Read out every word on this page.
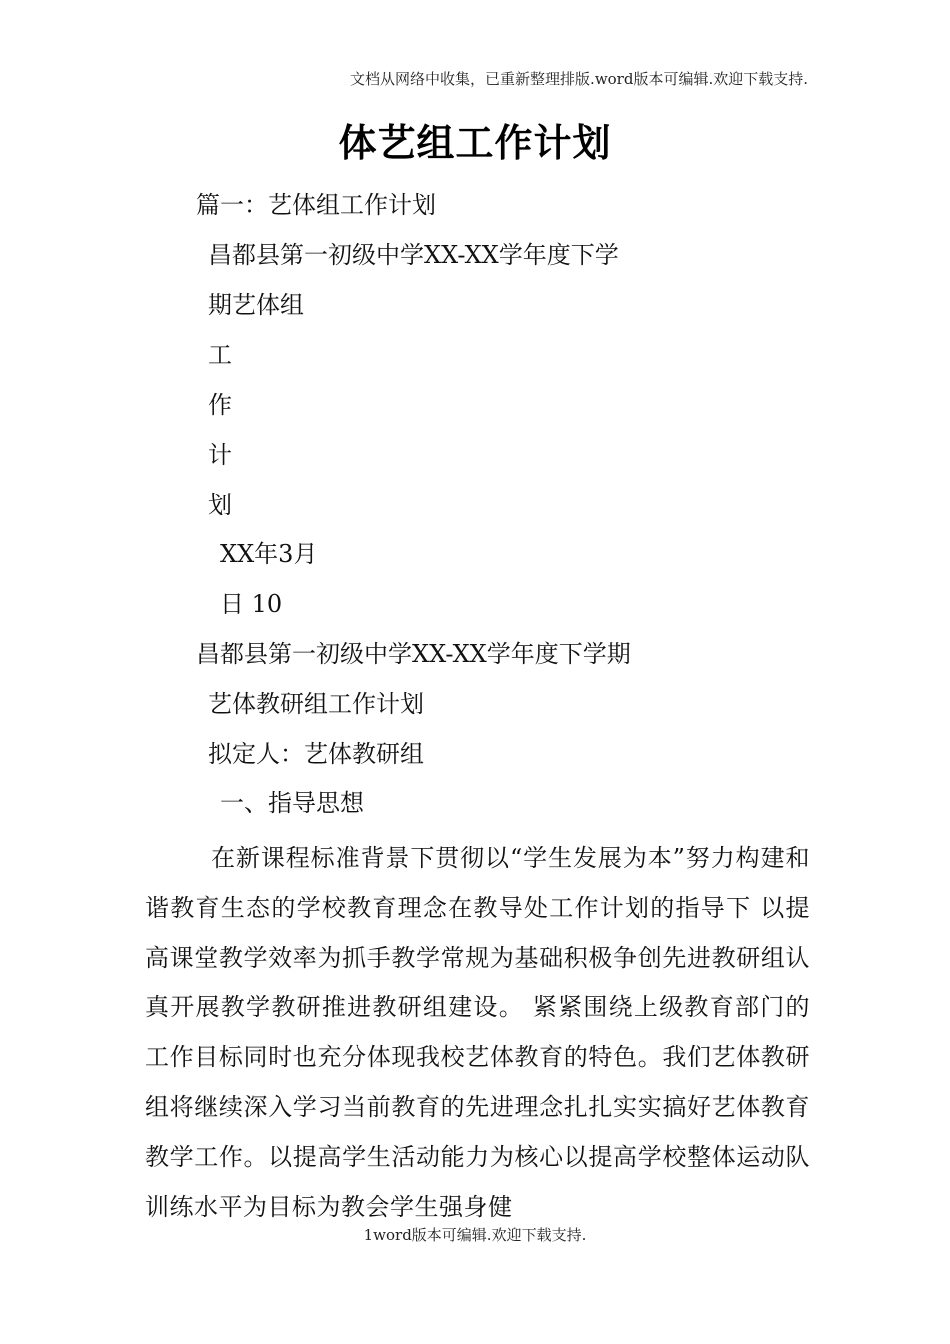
文档从网络中收集，已重新整理排版.word版本可编辑.欢迎下载支持.
体艺组工作计划
篇一：艺体组工作计划
昌都县第一初级中学XX-XX学年度下学
期艺体组
工
作
计
划
XX年3月
日 10
昌都县第一初级中学XX-XX学年度下学期
艺体教研组工作计划
拟定人：艺体教研组
一、指导思想
在新课程标准背景下贯彻以“学生发展为本”努力构建和谐教育生态的学校教育理念在教导处工作计划的指导下 以提高课堂教学效率为抓手教学常规为基础积极争创先进教研组认真开展教学教研推进教研组建设。 紧紧围绕上级教育部门的工作目标同时也充分体现我校艺体教育的特色。我们艺体教研组将继续深入学习当前教育的先进理念扎扎实实搞好艺体教育教学工作。以提高学生活动能力为核心以提高学校整体运动队训练水平为目标为教会学生强身健
1word版本可编辑.欢迎下载支持.
